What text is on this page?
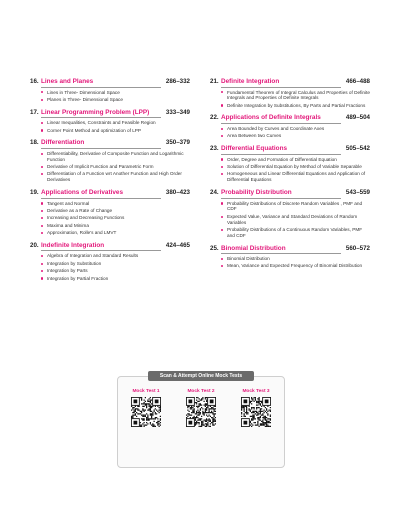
16. Lines and Planes	286–332
Lines in Three- Dimensional Space
Planes in Three- Dimensional Space
17. Linear Programming Problem (LPP)	333–349
Linear Inequalities, Constraints and Feasible Region
Corner Point Method and optimization of LPP
18. Differentiation	350–379
Differentiability, Derivative of Composite Function and Logarithmic Function
Derivative of Implicit Function and Parametric Form
Differentiation of a Function wrt Another Function and High Order Derivatives
19. Applications of Derivatives	380–423
Tangent and Normal
Derivative as a Rate of Change
Increasing and Decreasing Functions
Maxima and Minima
Approximation, Rolle's and LMVT
20. Indefinite Integration	424–465
Algebra of Integration and Standard Results
Integration by Substitution
Integration by Parts
Integration by Partial Fraction
21. Definite Integration	466–488
Fundamental Theorem of Integral Calculus and Properties of Definite Integrals and Properties of Definite Integrals
Definite Integration by Substitutions, By Parts and Partial Fractions
22. Applications of Definite Integrals	489–504
Area Bounded by Curves and Coordinate Axes
Area Between two Curves
23. Differential Equations	505–542
Order, Degree and Formation of Differential Equation
Solution of Differential Equation by Method of Variable Separable
Homogeneous and Linear Differential Equations and Application of Differential Equations
24. Probability Distribution	543–559
Probability Distributions of Discrete Random Variables , PMF and CDF
Expected Value, Variance and Standard Deviations of Random Variables
Probability Distributions of a Continuous Random Variables, PMF and CDF
25. Binomial Distribution	560–572
Binomial Distribution
Mean, Variance and Expected Frequency of Binomial Distribution
Scan & Attempt Online Mock Tests
Mock Test 1	Mock Test 2	Mock Test 3
